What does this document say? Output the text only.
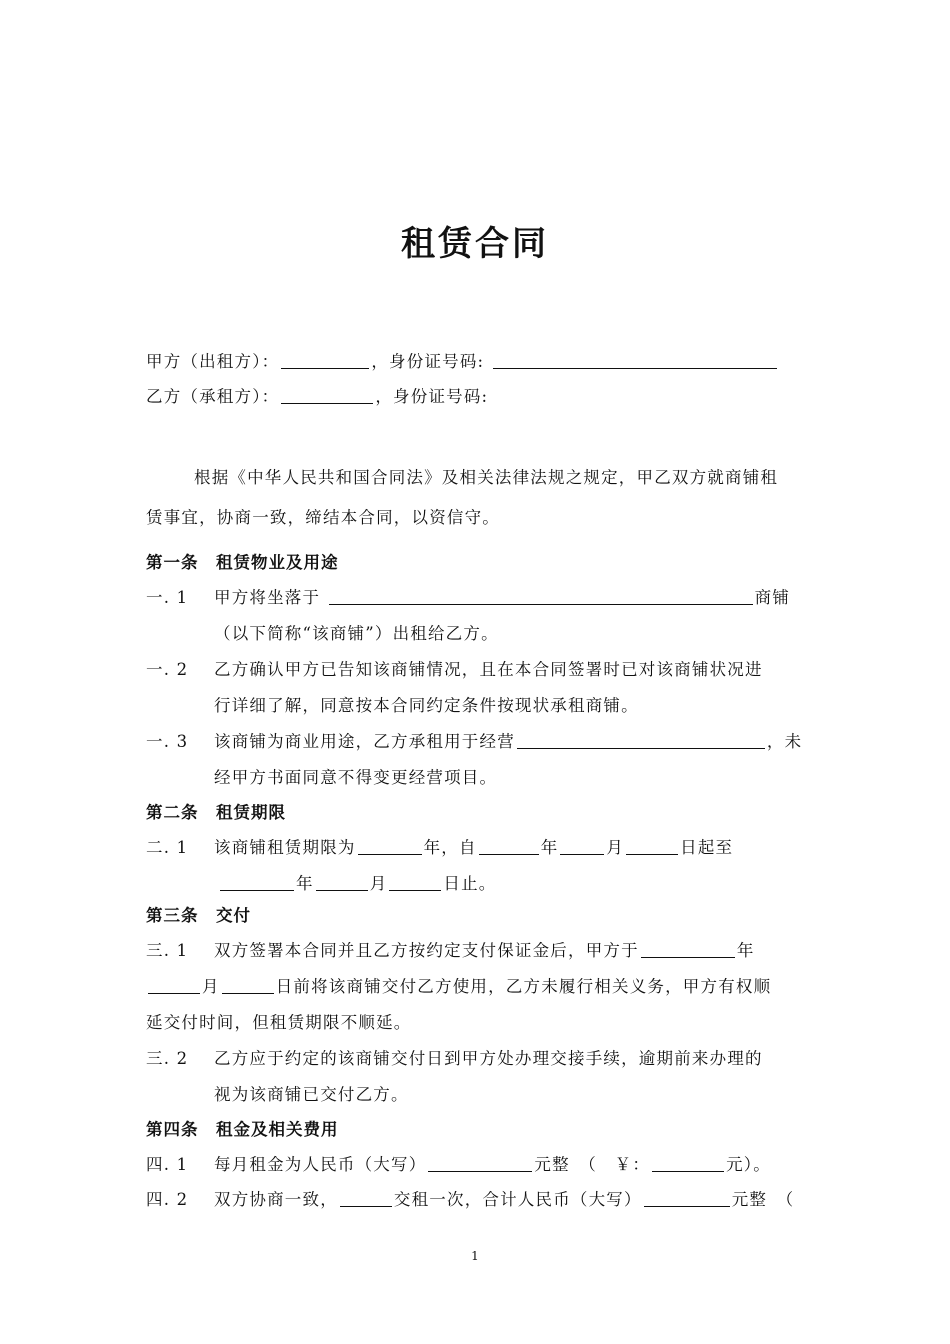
租赁合同
甲方（出租方）：	，身份证号码:
乙方（承租方）：	，身份证号码:
根据《中华人民共和国合同法》及相关法律法规之规定，甲乙双方就商铺租
赁事宜，协商一致，缔结本合同，以资信守。
第一条　租赁物业及用途
一. 1 甲方将坐落于	商铺
（以下简称“该商铺”）出租给乙方。
一. 2 乙方确认甲方已告知该商铺情况，且在本合同签署时已对该商铺状况进
行详细了解，同意按本合同约定条件按现状承租商铺。
一. 3 该商铺为商业用途，乙方承租用于经营	，未
经甲方书面同意不得变更经营项目。
第二条　租赁期限
二. 1 该商铺租赁期限为	年，自	年	月	日起至
年	月	日止。
第三条　交付
三. 1 双方签署本合同并且乙方按约定支付保证金后，甲方于	年
月	日前将该商铺交付乙方使用，乙方未履行相关义务，甲方有权顺
延交付时间，但租赁期限不顺延。
三. 2 乙方应于约定的该商铺交付日到甲方处办理交接手续，逾期前来办理的
视为该商铺已交付乙方。
第四条　租金及相关费用
四. 1 每月租金为人民币（大写）	元整　（　￥：	元）。
四. 2 双方协商一致，	交租一次，合计人民币（大写）	元整　（
1
